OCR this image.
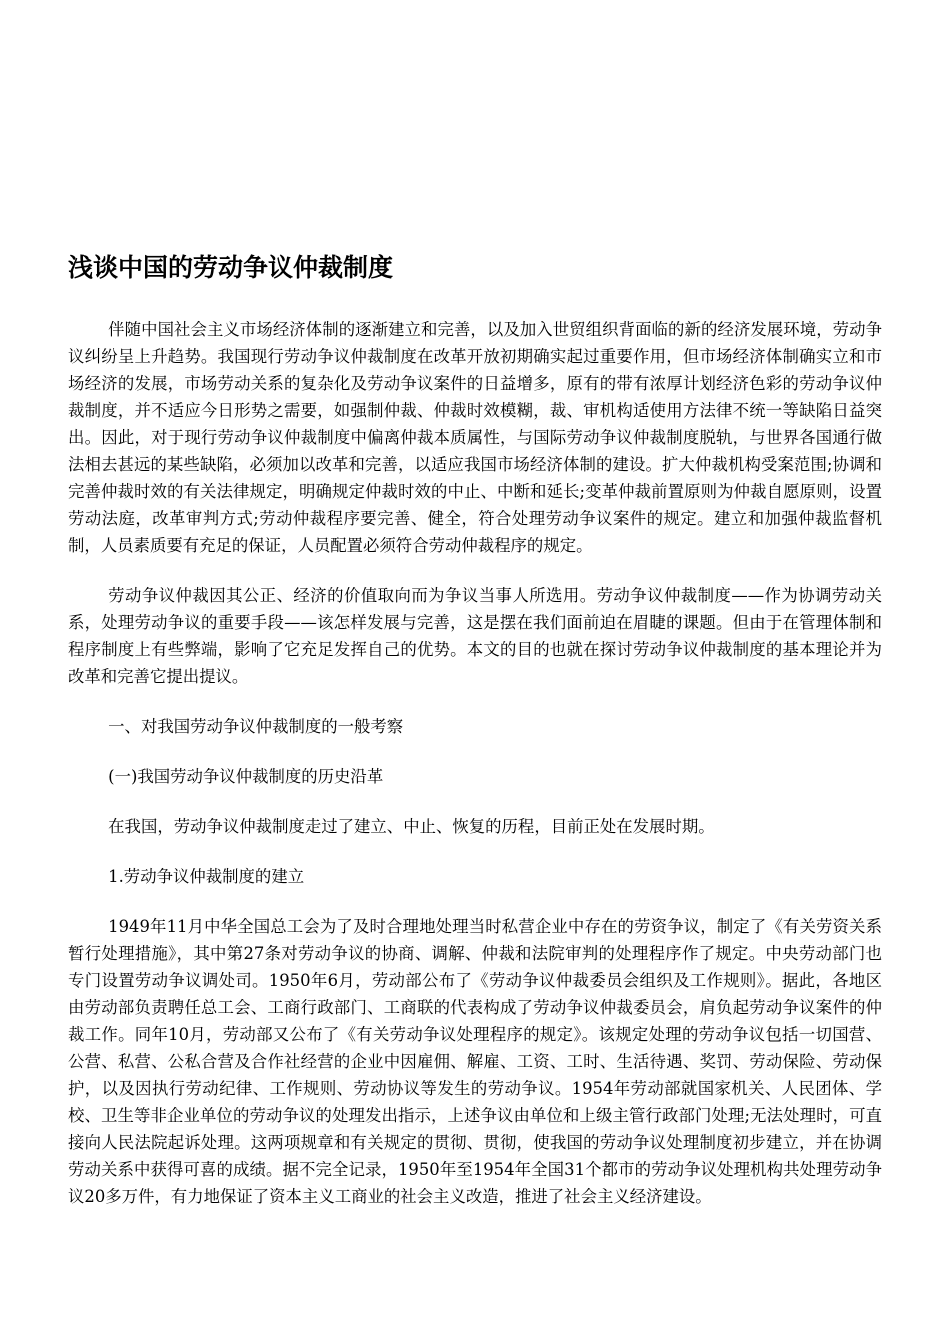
浅谈中国的劳动争议仲裁制度

伴随中国社会主义市场经济体制的逐渐建立和完善，以及加入世贸组织背面临的新的经济发展环境，劳动争议纠纷呈上升趋势。我国现行劳动争议仲裁制度在改革开放初期确实起过重要作用，但市场经济体制确实立和市场经济的发展，市场劳动关系的复杂化及劳动争议案件的日益增多，原有的带有浓厚计划经济色彩的劳动争议仲裁制度，并不适应今日形势之需要，如强制仲裁、仲裁时效模糊，裁、审机构适使用方法律不统一等缺陷日益突出。因此，对于现行劳动争议仲裁制度中偏离仲裁本质属性，与国际劳动争议仲裁制度脱轨，与世界各国通行做法相去甚远的某些缺陷，必须加以改革和完善，以适应我国市场经济体制的建设。扩大仲裁机构受案范围;协调和完善仲裁时效的有关法律规定，明确规定仲裁时效的中止、中断和延长;变革仲裁前置原则为仲裁自愿原则，设置劳动法庭，改革审判方式;劳动仲裁程序要完善、健全，符合处理劳动争议案件的规定。建立和加强仲裁监督机制，人员素质要有充足的保证，人员配置必须符合劳动仲裁程序的规定。

劳动争议仲裁因其公正、经济的价值取向而为争议当事人所选用。劳动争议仲裁制度——作为协调劳动关系，处理劳动争议的重要手段——该怎样发展与完善，这是摆在我们面前迫在眉睫的课题。但由于在管理体制和程序制度上有些弊端，影响了它充足发挥自己的优势。本文的目的也就在探讨劳动争议仲裁制度的基本理论并为改革和完善它提出提议。

一、对我国劳动争议仲裁制度的一般考察

(一)我国劳动争议仲裁制度的历史沿革

在我国，劳动争议仲裁制度走过了建立、中止、恢复的历程，目前正处在发展时期。

1.劳动争议仲裁制度的建立

1949年11月中华全国总工会为了及时合理地处理当时私营企业中存在的劳资争议，制定了《有关劳资关系暂行处理措施》，其中第27条对劳动争议的协商、调解、仲裁和法院审判的处理程序作了规定。中央劳动部门也专门设置劳动争议调处司。1950年6月，劳动部公布了《劳动争议仲裁委员会组织及工作规则》。据此，各地区由劳动部负责聘任总工会、工商行政部门、工商联的代表构成了劳动争议仲裁委员会，肩负起劳动争议案件的仲裁工作。同年10月，劳动部又公布了《有关劳动争议处理程序的规定》。该规定处理的劳动争议包括一切国营、公营、私营、公私合营及合作社经营的企业中因雇佣、解雇、工资、工时、生活待遇、奖罚、劳动保险、劳动保护，以及因执行劳动纪律、工作规则、劳动协议等发生的劳动争议。1954年劳动部就国家机关、人民团体、学校、卫生等非企业单位的劳动争议的处理发出指示，上述争议由单位和上级主管行政部门处理;无法处理时，可直接向人民法院起诉处理。这两项规章和有关规定的贯彻、贯彻，使我国的劳动争议处理制度初步建立，并在协调劳动关系中获得可喜的成绩。据不完全记录，1950年至1954年全国31个都市的劳动争议处理机构共处理劳动争议20多万件，有力地保证了资本主义工商业的社会主义改造，推进了社会主义经济建设。
